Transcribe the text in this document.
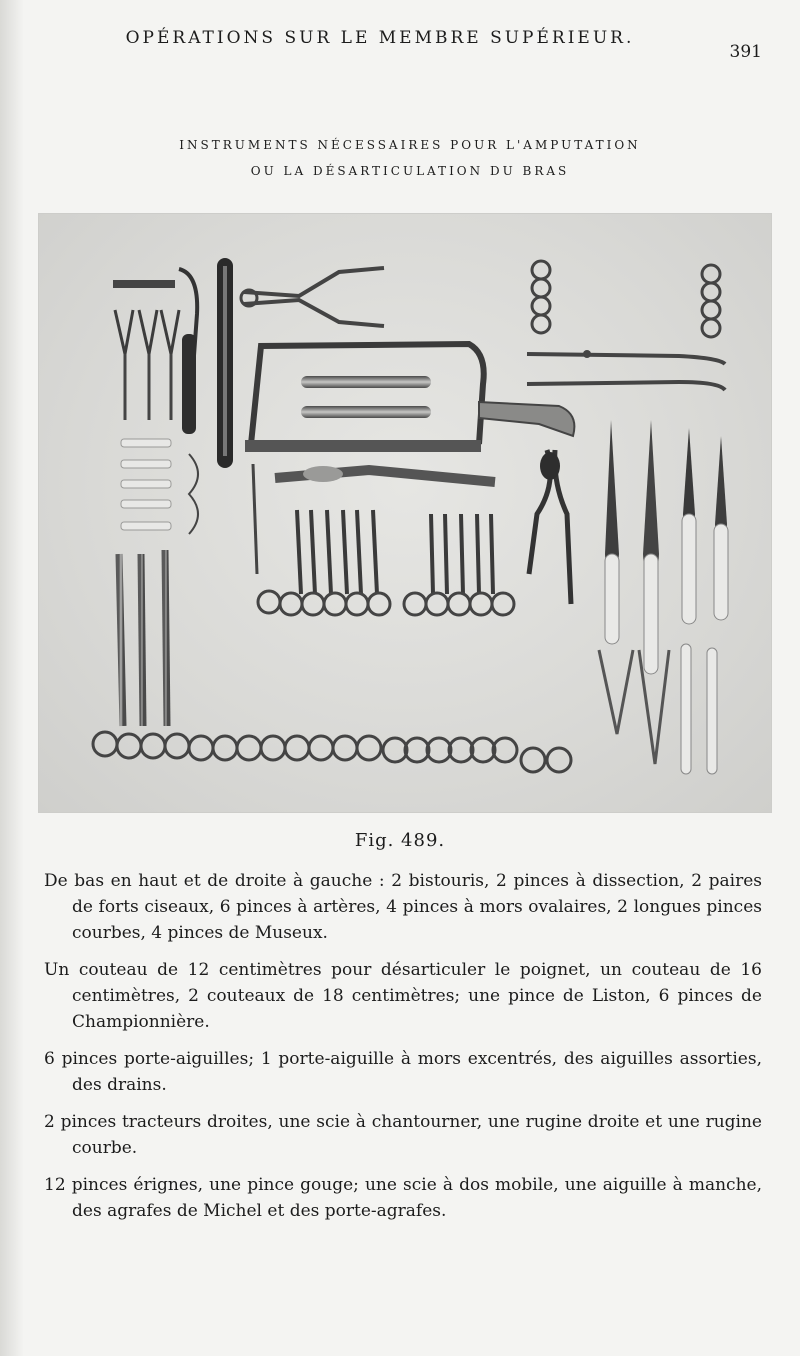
OPÉRATIONS SUR LE MEMBRE SUPÉRIEUR.
391
INSTRUMENTS NÉCESSAIRES POUR L'AMPUTATION
OU LA DÉSARTICULATION DU BRAS
Fig. 489.

De bas en haut et de droite à gauche : 2 bistouris, 2 pinces à dissection, 2 paires de forts ciseaux, 6 pinces à artères, 4 pinces à mors ovalaires, 2 longues pinces courbes, 4 pinces de Museux.

Un couteau de 12 centimètres pour désarticuler le poignet, un couteau de 16 centimètres, 2 couteaux de 18 centimètres; une pince de Liston, 6 pinces de Championnière.

6 pinces porte-aiguilles; 1 porte-aiguille à mors excentrés, des aiguilles assorties, des drains.

2 pinces tracteurs droites, une scie à chantourner, une rugine droite et une rugine courbe.

12 pinces érignes, une pince gouge; une scie à dos mobile, une aiguille à manche, des agrafes de Michel et des porte-agrafes.
